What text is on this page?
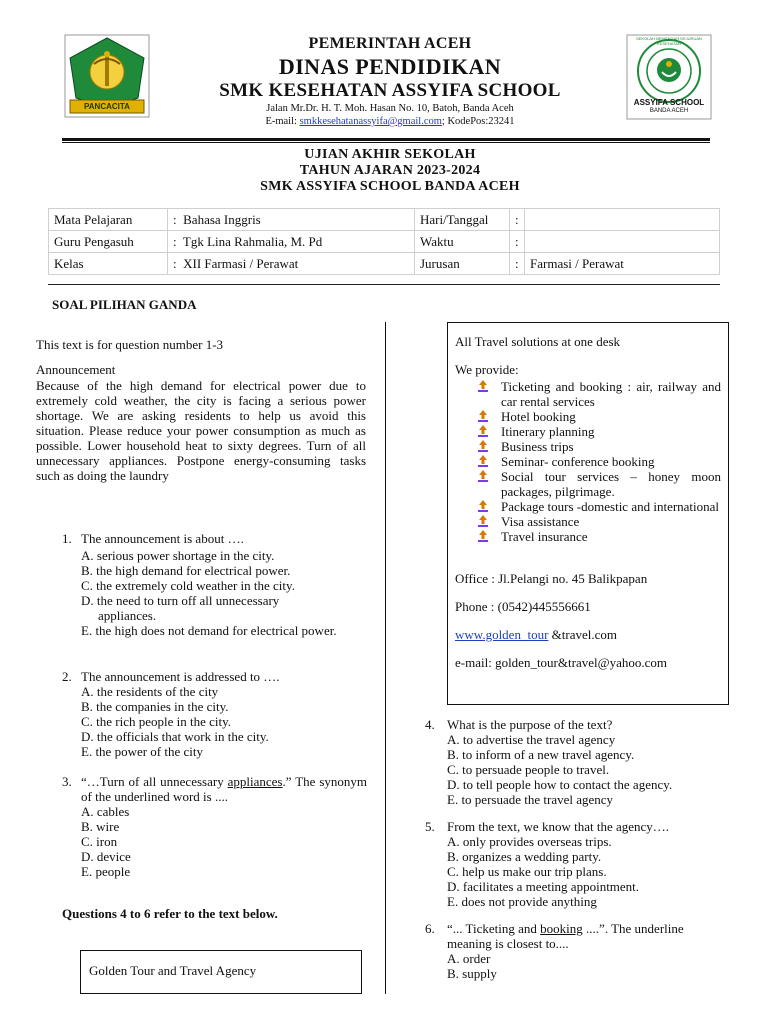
PANCACITA
PEMERINTAH ACEH
DINAS PENDIDIKAN
SMK KESEHATAN ASSYIFA SCHOOL
Jalan Mr.Dr. H. T. Moh. Hasan No. 10, Batoh, Banda Aceh
E-mail: smkkesehatanassyifa@gmail.com; KodePos:23241
ASSYIFA SCHOOL
BANDA ACEH
SEKOLAH MENENGAH KEJURUAN KESEHATAN
UJIAN AKHIR SEKOLAH
TAHUN AJARAN 2023-2024
SMK ASSYIFA SCHOOL BANDA ACEH
Mata Pelajaran	: Bahasa Inggris	Hari/Tanggal	:	
Guru Pengasuh	: Tgk Lina Rahmalia, M. Pd	Waktu	:	
Kelas	: XII Farmasi / Perawat	Jurusan	:	Farmasi / Perawat
SOAL PILIHAN GANDA
This text is for question number 1-3
Announcement
Because of the high demand for electrical power due to extremely cold weather, the city is facing a serious power shortage. We are asking residents to help us avoid this situation. Please reduce your power consumption as much as possible. Lower household heat to sixty degrees. Turn of all unnecessary appliances. Postpone energy-consuming tasks such as doing the laundry
1. The announcement is about ….
A. serious power shortage in the city.
B. the high demand for electrical power.
C. the extremely cold weather in the city.
D. the need to turn off all unnecessary appliances.
E. the high does not demand for electrical power.
2. The announcement is addressed to ….
A. the residents of the city
B. the companies in the city.
C. the rich people in the city.
D. the officials that work in the city.
E. the power of the city
3. “…Turn of all unnecessary appliances.” The synonym of the underlined word is ....
A. cables
B. wire
C. iron
D. device
E. people
Questions 4 to 6 refer to the text below.
Golden Tour and Travel Agency
All Travel solutions at one desk
We provide:
Ticketing and booking : air, railway and car rental services
Hotel booking
Itinerary planning
Business trips
Seminar- conference booking
Social tour services – honey moon packages, pilgrimage.
Package tours -domestic and international
Visa assistance
Travel insurance
Office : Jl.Pelangi no. 45 Balikpapan
Phone : (0542)445556661
www.golden_tour &travel.com
e-mail: golden_tour&travel@yahoo.com
4. What is the purpose of the text?
A. to advertise the travel agency
B. to inform of a new travel agency.
C. to persuade people to travel.
D. to tell people how to contact the agency.
E. to persuade the travel agency
5. From the text, we know that the agency….
A. only provides overseas trips.
B. organizes a wedding party.
C. help us make our trip plans.
D. facilitates a meeting appointment.
E. does not provide anything
6. “... Ticketing and booking ....”. The underline meaning is closest to....
A. order
B. supply
